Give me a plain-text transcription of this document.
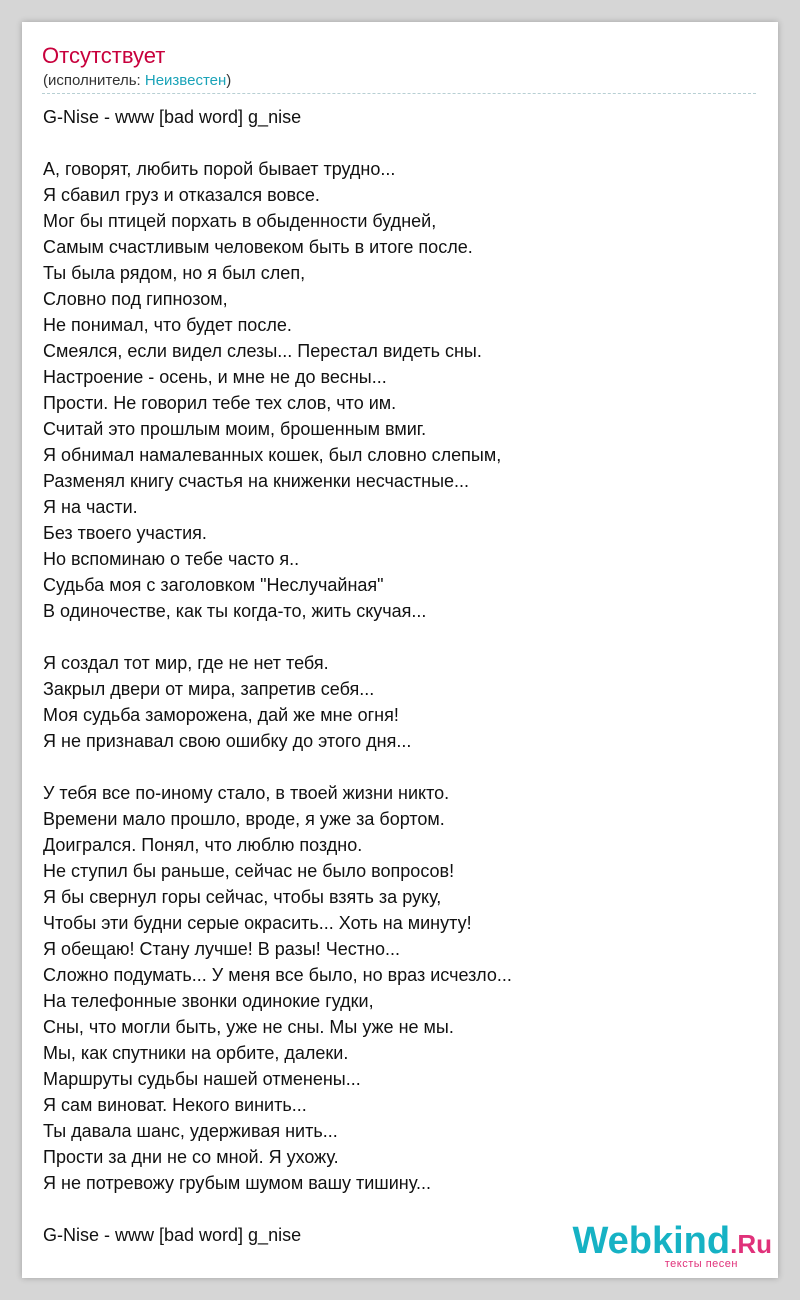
Отсутствует
(исполнитель: Неизвестен)
G-Nise - www [bad word] g_nise
А, говорят, любить порой бывает трудно...
Я сбавил груз и отказался вовсе.
Мог бы птицей порхать в обыденности будней,
Самым счастливым человеком быть в итоге после.
Ты была рядом, но я был слеп,
Словно под гипнозом,
Не понимал, что будет после.
Смеялся, если видел слезы... Перестал видеть сны.
Настроение - осень, и мне не до весны...
Прости. Не говорил тебе тех слов, что им.
Считай это прошлым моим, брошенным вмиг.
Я обнимал намалеванных кошек, был словно слепым,
Разменял книгу счастья на книженки несчастные...
Я на части.
Без твоего участия.
Но вспоминаю о тебе часто я..
Судьба моя с заголовком "Неслучайная"
В одиночестве, как ты когда-то, жить скучая...
Я создал тот мир, где не нет тебя.
Закрыл двери от мира, запретив себя...
Моя судьба заморожена, дай же мне огня!
Я не признавал свою ошибку до этого дня...
У тебя все по-иному стало, в твоей жизни никто.
Времени мало прошло, вроде, я уже за бортом.
Доигрался. Понял, что люблю поздно.
Не ступил бы раньше, сейчас не было вопросов!
Я бы свернул горы сейчас, чтобы взять за руку,
Чтобы эти будни серые окрасить... Хоть на минуту!
Я обещаю! Стану лучше! В разы! Честно...
Сложно подумать... У меня все было, но враз исчезло...
На телефонные звонки одинокие гудки,
Сны, что могли быть, уже не сны. Мы уже не мы.
Мы, как спутники на орбите, далеки.
Маршруты судьбы нашей отменены...
Я сам виноват. Некого винить...
Ты давала шанс, удерживая нить...
Прости за дни не со мной. Я ухожу.
Я не потревожу грубым шумом вашу тишину...
G-Nise - www [bad word] g_nise	Webkind.Ru
тексты песен
